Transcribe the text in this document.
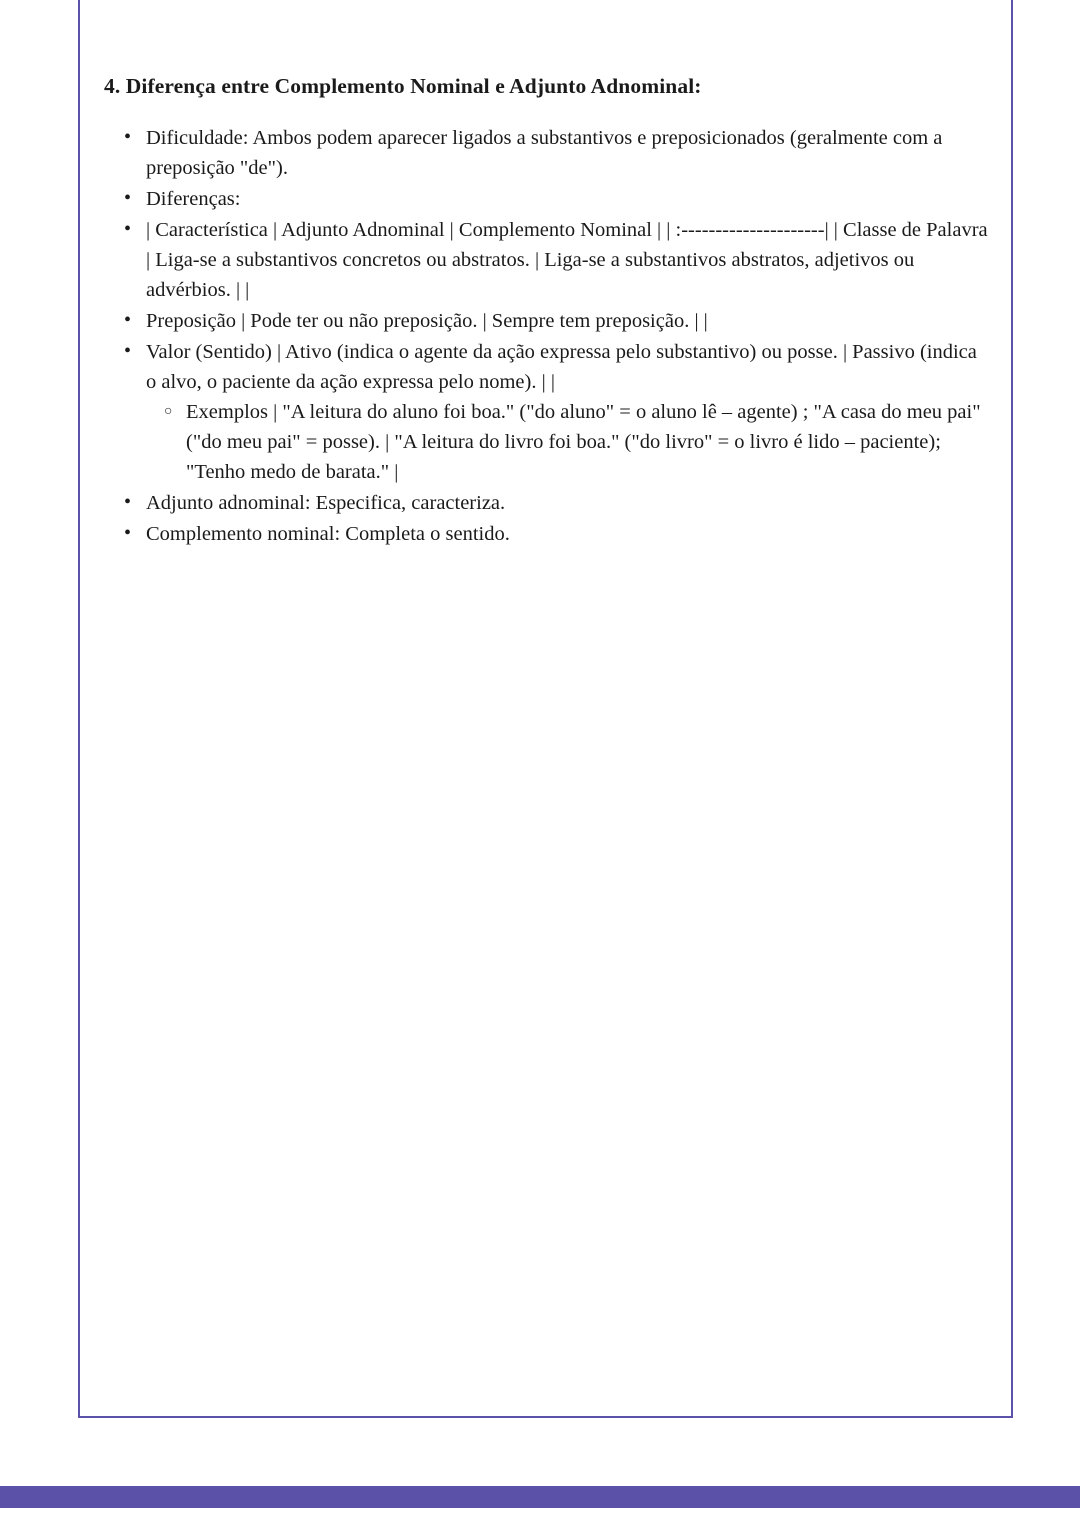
4. Diferença entre Complemento Nominal e Adjunto Adnominal:
• Dificuldade: Ambos podem aparecer ligados a substantivos e preposicionados (geralmente com a preposição "de").
• Diferenças:
• | Característica | Adjunto Adnominal | Complemento Nominal | | :---------------------| | Classe de Palavra | Liga-se a substantivos concretos ou abstratos. | Liga-se a substantivos abstratos, adjetivos ou advérbios. | |
• Preposição | Pode ter ou não preposição. | Sempre tem preposição. | |
• Valor (Sentido) | Ativo (indica o agente da ação expressa pelo substantivo) ou posse. | Passivo (indica o alvo, o paciente da ação expressa pelo nome). | |
○ Exemplos | "A leitura do aluno foi boa." ("do aluno" = o aluno lê – agente) ; "A casa do meu pai" ("do meu pai" = posse). | "A leitura do livro foi boa." ("do livro" = o livro é lido – paciente); "Tenho medo de barata." |
• Adjunto adnominal: Especifica, caracteriza.
• Complemento nominal: Completa o sentido.
